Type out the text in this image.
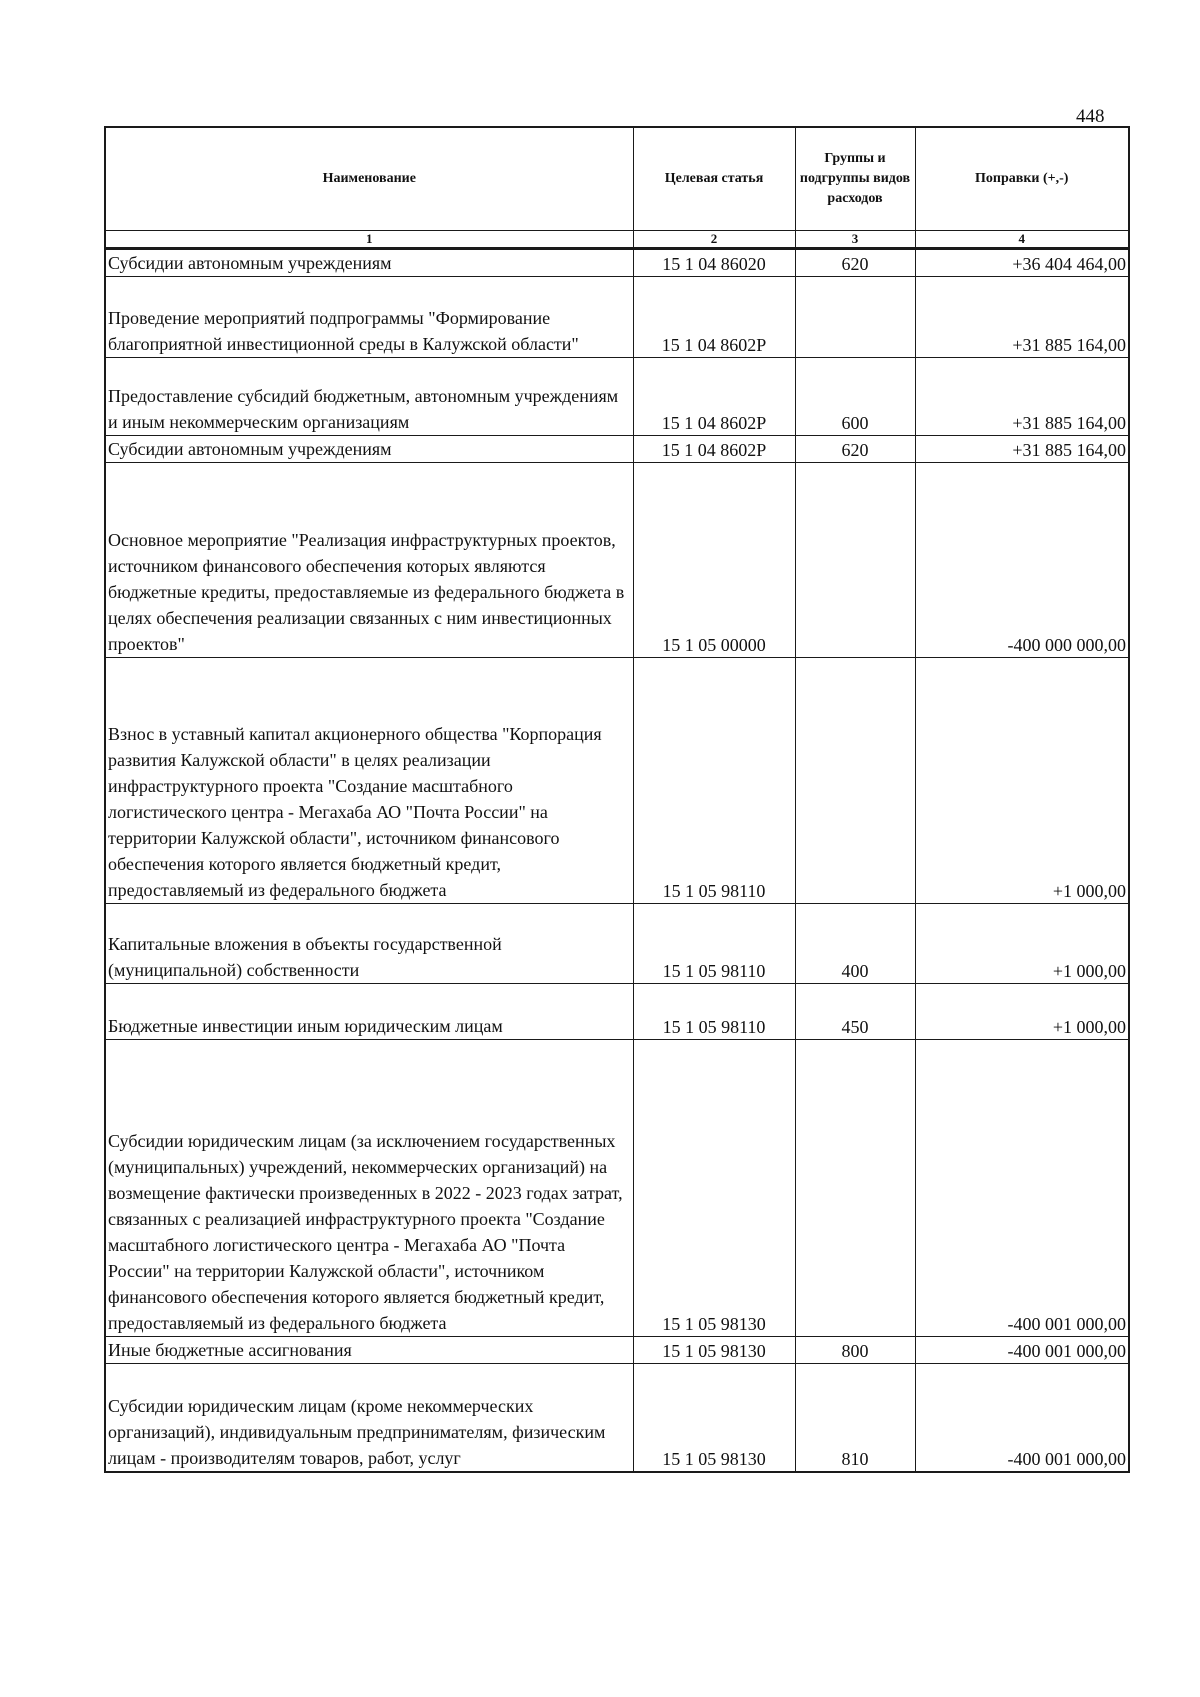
448
Наименование	Целевая статья	Группы и подгруппы видов расходов	Поправки (+,-)
1	2	3	4
Субсидии автономным учреждениям	15 1 04 86020	620	+36 404 464,00
Проведение мероприятий подпрограммы "Формирование благоприятной инвестиционной среды в Калужской области"	15 1 04 8602P		+31 885 164,00
Предоставление субсидий бюджетным, автономным учреждениям и иным некоммерческим организациям	15 1 04 8602P	600	+31 885 164,00
Субсидии автономным учреждениям	15 1 04 8602P	620	+31 885 164,00
Основное мероприятие "Реализация инфраструктурных проектов, источником финансового обеспечения которых являются бюджетные кредиты, предоставляемые из федерального бюджета в целях обеспечения реализации связанных с ним инвестиционных проектов"	15 1 05 00000		-400 000 000,00
Взнос в уставный капитал акционерного общества "Корпорация развития Калужской области" в целях реализации инфраструктурного проекта "Создание масштабного логистического центра - Мегахаба АО "Почта России" на территории Калужской области", источником финансового обеспечения которого является бюджетный кредит, предоставляемый из федерального бюджета	15 1 05 98110		+1 000,00
Капитальные вложения в объекты государственной (муниципальной) собственности	15 1 05 98110	400	+1 000,00
Бюджетные инвестиции иным юридическим лицам	15 1 05 98110	450	+1 000,00
Субсидии юридическим лицам (за исключением государственных (муниципальных) учреждений, некоммерческих организаций) на возмещение фактически произведенных в 2022 - 2023 годах затрат, связанных с реализацией инфраструктурного проекта "Создание масштабного логистического центра - Мегахаба АО "Почта России" на территории Калужской области", источником финансового обеспечения которого является бюджетный кредит, предоставляемый из федерального бюджета	15 1 05 98130		-400 001 000,00
Иные бюджетные ассигнования	15 1 05 98130	800	-400 001 000,00
Субсидии юридическим лицам (кроме некоммерческих организаций), индивидуальным предпринимателям, физическим лицам - производителям товаров, работ, услуг	15 1 05 98130	810	-400 001 000,00
